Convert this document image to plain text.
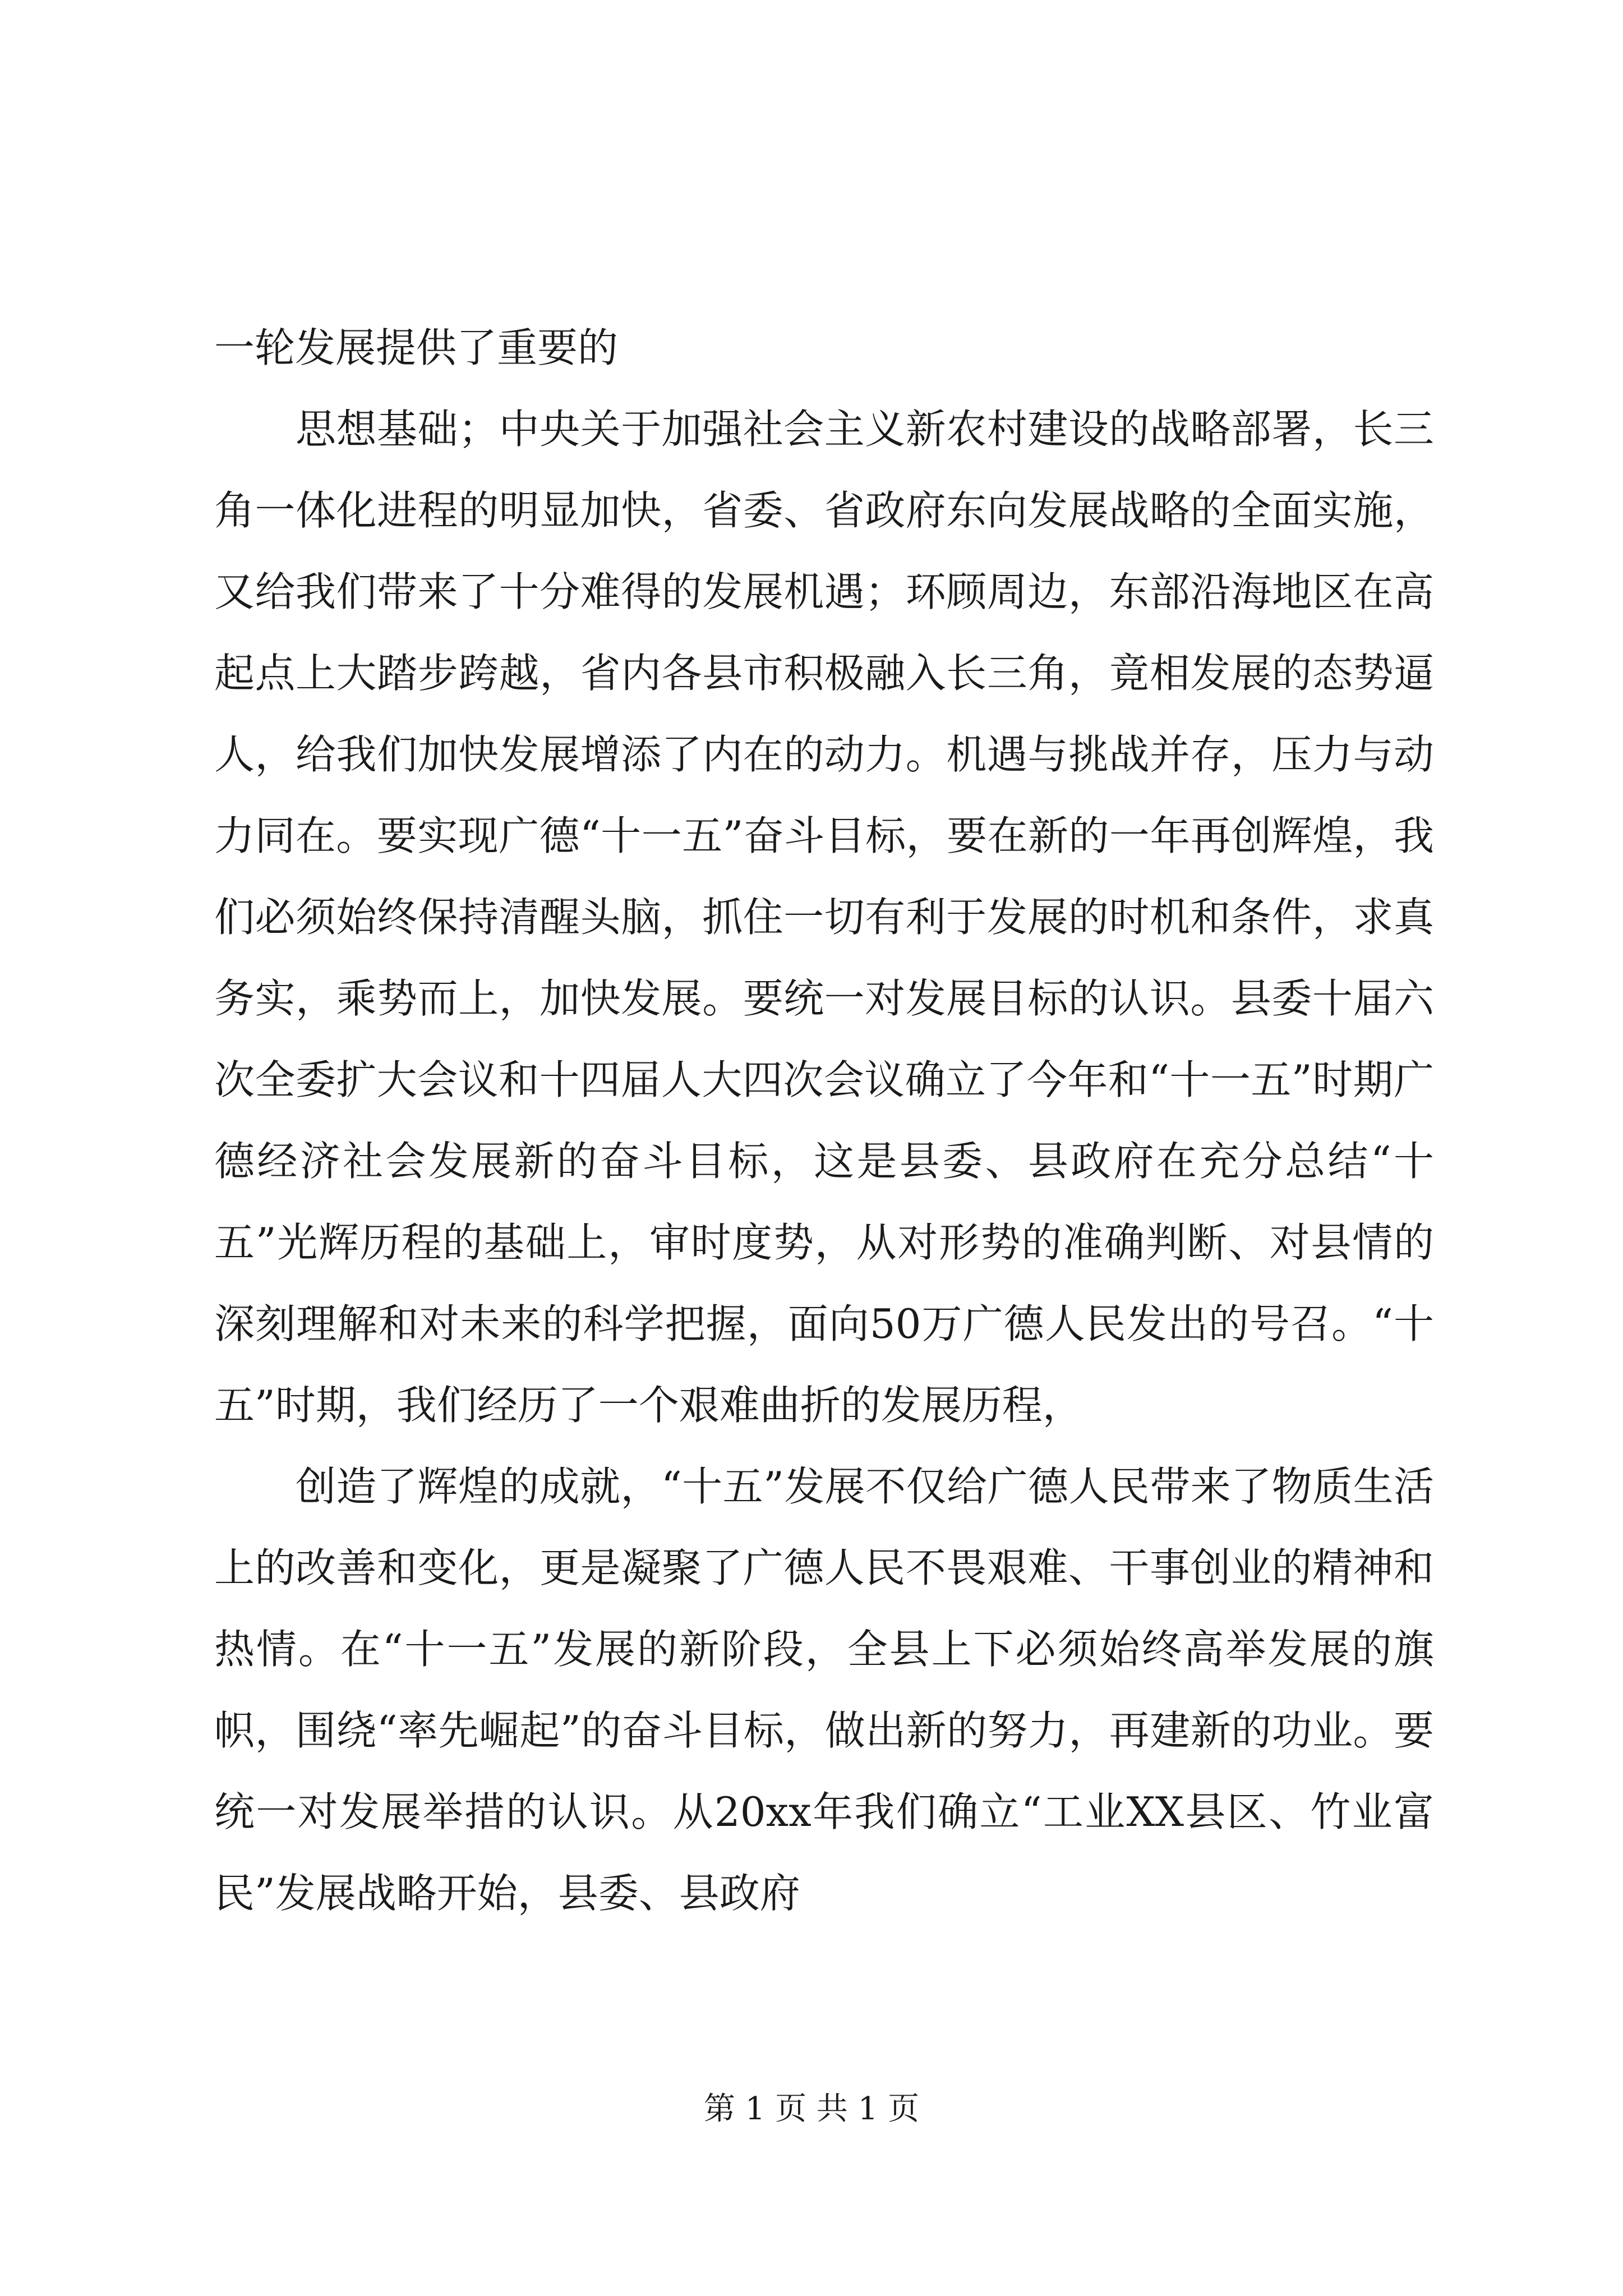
一轮发展提供了重要的

思想基础；中央关于加强社会主义新农村建设的战略部署，长三角一体化进程的明显加快，省委、省政府东向发展战略的全面实施，又给我们带来了十分难得的发展机遇；环顾周边，东部沿海地区在高起点上大踏步跨越，省内各县市积极融入长三角，竟相发展的态势逼人，给我们加快发展增添了内在的动力。机遇与挑战并存，压力与动力同在。要实现广德“十一五”奋斗目标，要在新的一年再创辉煌，我们必须始终保持清醒头脑，抓住一切有利于发展的时机和条件，求真务实，乘势而上，加快发展。要统一对发展目标的认识。县委十届六次全委扩大会议和十四届人大四次会议确立了今年和“十一五”时期广德经济社会发展新的奋斗目标，这是县委、县政府在充分总结“十五”光辉历程的基础上，审时度势，从对形势的准确判断、对县情的深刻理解和对未来的科学把握，面向50万广德人民发出的号召。“十五”时期，我们经历了一个艰难曲折的发展历程，

创造了辉煌的成就，“十五”发展不仅给广德人民带来了物质生活上的改善和变化，更是凝聚了广德人民不畏艰难、干事创业的精神和热情。在“十一五”发展的新阶段，全县上下必须始终高举发展的旗帜，围绕“率先崛起”的奋斗目标，做出新的努力，再建新的功业。要统一对发展举措的认识。从20xx年我们确立“工业XX县区、竹业富民”发展战略开始，县委、县政府

第 1 页 共 1 页
